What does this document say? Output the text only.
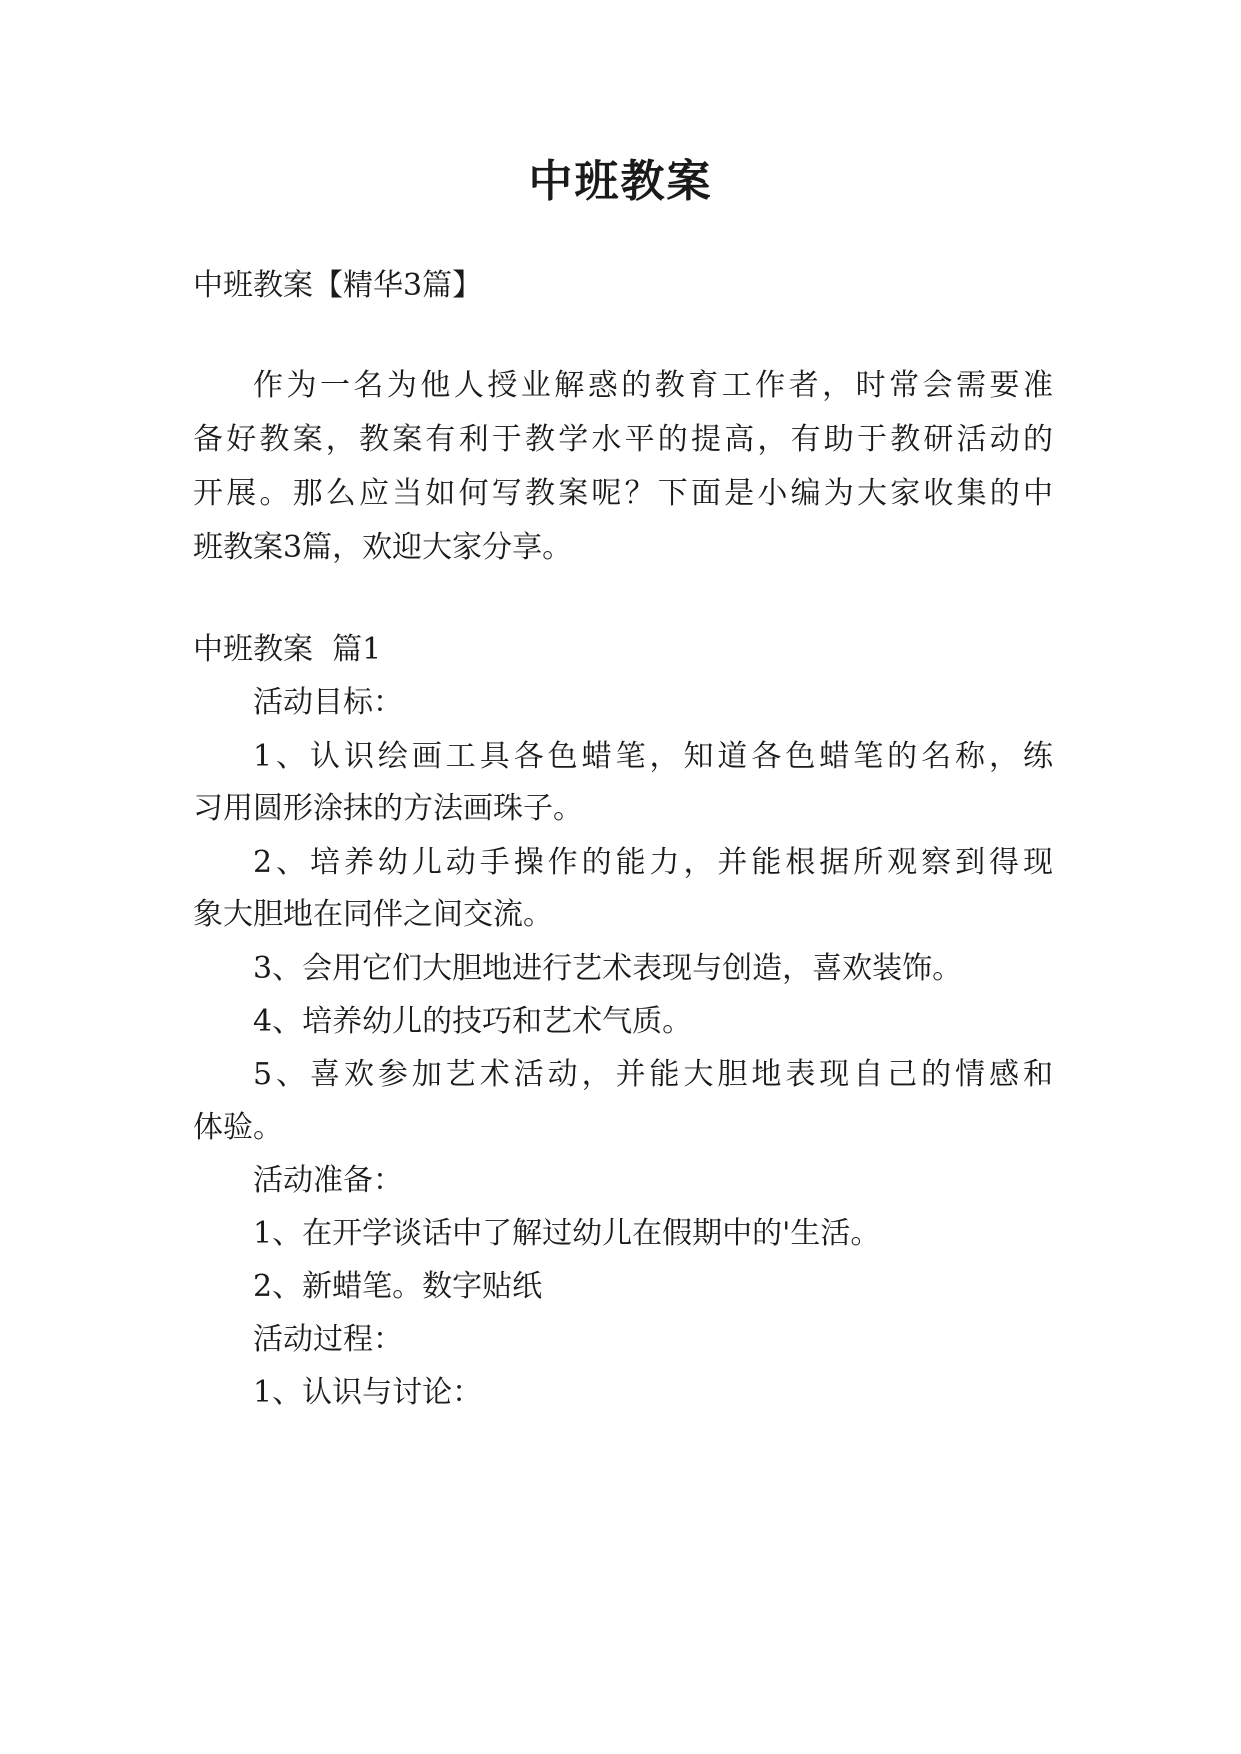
中班教案

中班教案【精华3篇】

作为一名为他人授业解惑的教育工作者，时常会需要准

备好教案，教案有利于教学水平的提高，有助于教研活动的

开展。那么应当如何写教案呢？下面是小编为大家收集的中

班教案3篇，欢迎大家分享。

中班教案  篇1

活动目标：

1、认识绘画工具各色蜡笔，知道各色蜡笔的名称，练

习用圆形涂抹的方法画珠子。

2、培养幼儿动手操作的能力，并能根据所观察到得现

象大胆地在同伴之间交流。

3、会用它们大胆地进行艺术表现与创造，喜欢装饰。

4、培养幼儿的技巧和艺术气质。

5、喜欢参加艺术活动，并能大胆地表现自己的情感和

体验。

活动准备：

1、在开学谈话中了解过幼儿在假期中的'生活。

2、新蜡笔。数字贴纸

活动过程：

1、认识与讨论：
